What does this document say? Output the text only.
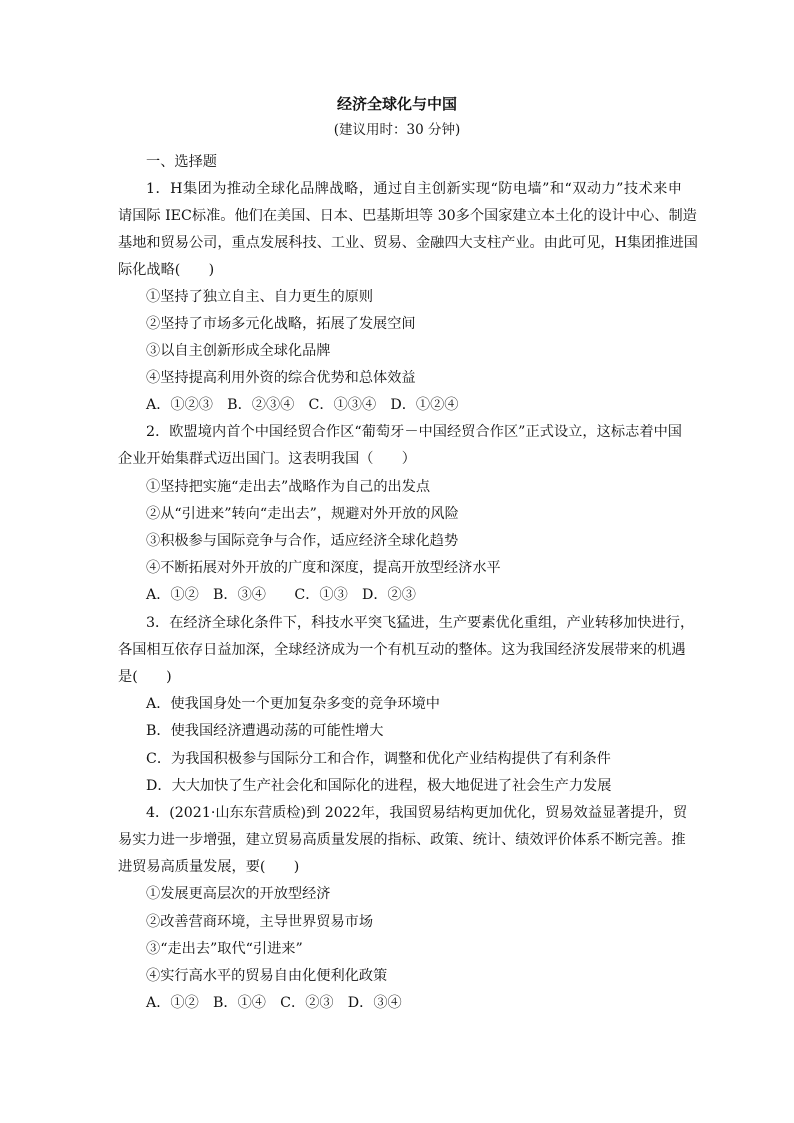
经济全球化与中国
(建议用时：30 分钟)
一、选择题
1．H集团为推动全球化品牌战略，通过自主创新实现“防电墙”和“双动力”技术来申
请国际 IEC标准。他们在美国、日本、巴基斯坦等 30多个国家建立本土化的设计中心、制造
基地和贸易公司，重点发展科技、工业、贸易、金融四大支柱产业。由此可见，H集团推进国
际化战略(　　)
①坚持了独立自主、自力更生的原则
②坚持了市场多元化战略，拓展了发展空间
③以自主创新形成全球化品牌
④坚持提高利用外资的综合优势和总体效益
A．①②③　B．②③④　C．①③④　D．①②④
2．欧盟境内首个中国经贸合作区“葡萄牙－中国经贸合作区”正式设立，这标志着中国
企业开始集群式迈出国门。这表明我国（　　）
①坚持把实施“走出去”战略作为自己的出发点
②从“引进来”转向“走出去”，规避对外开放的风险
③积极参与国际竞争与合作，适应经济全球化趋势
④不断拓展对外开放的广度和深度，提高开放型经济水平
A．①②　B．③④　　C．①③　D．②③
3．在经济全球化条件下，科技水平突飞猛进，生产要素优化重组，产业转移加快进行，
各国相互依存日益加深，全球经济成为一个有机互动的整体。这为我国经济发展带来的机遇
是(　　)
A．使我国身处一个更加复杂多变的竞争环境中
B．使我国经济遭遇动荡的可能性增大
C．为我国积极参与国际分工和合作，调整和优化产业结构提供了有利条件
D．大大加快了生产社会化和国际化的进程，极大地促进了社会生产力发展
4．(2021·山东东营质检)到 2022年，我国贸易结构更加优化，贸易效益显著提升，贸
易实力进一步增强，建立贸易高质量发展的指标、政策、统计、绩效评价体系不断完善。推
进贸易高质量发展，要(　　)
①发展更高层次的开放型经济
②改善营商环境，主导世界贸易市场
③“走出去”取代“引进来”
④实行高水平的贸易自由化便利化政策
A．①②　B．①④　C．②③　D．③④
